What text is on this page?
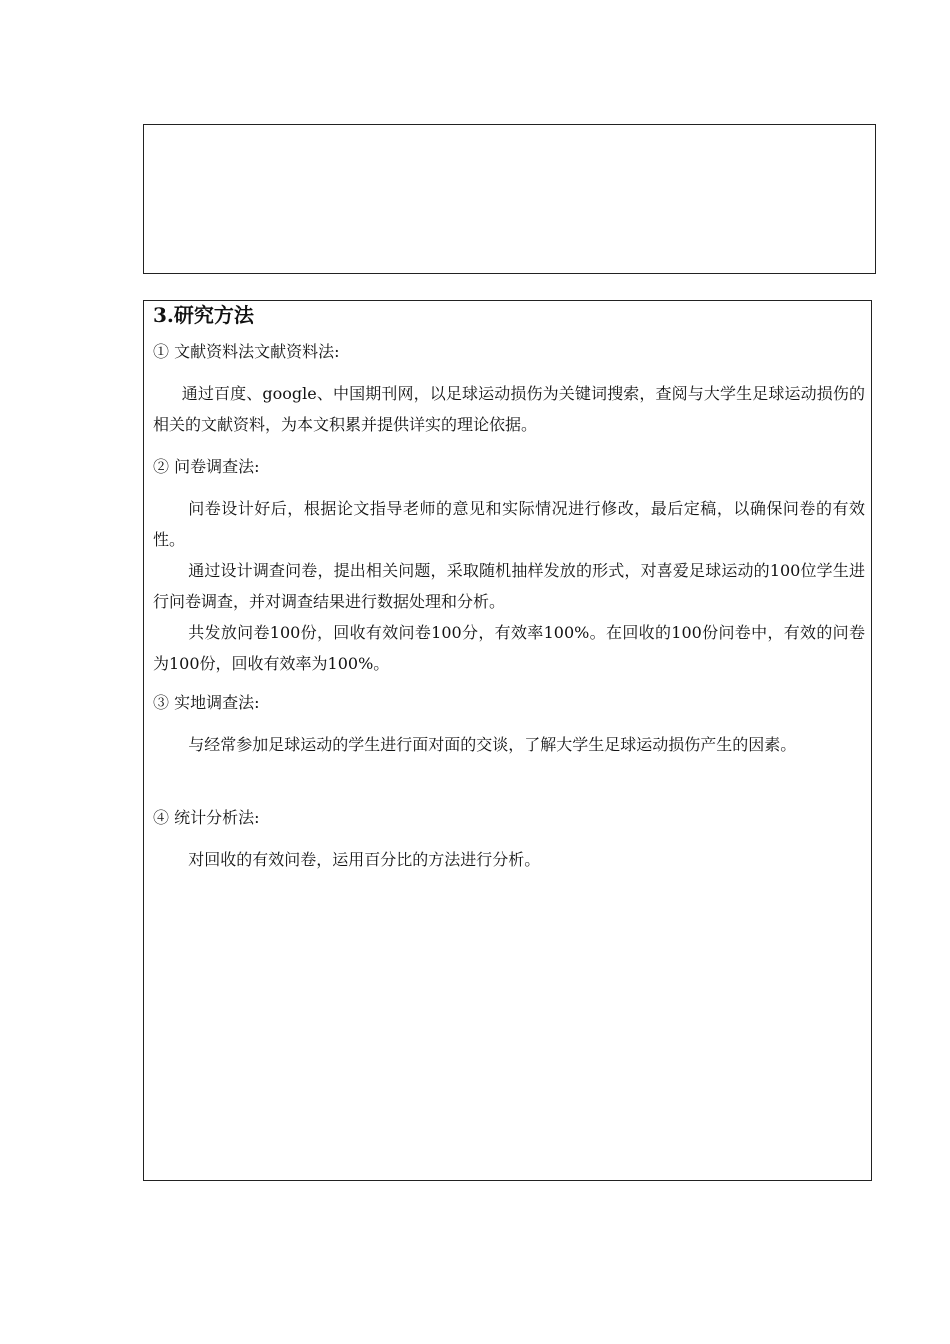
3.研究方法

① 文献资料法文献资料法:

通过百度、google、中国期刊网，以足球运动损伤为关键词搜索，查阅与大学生足球运动损伤的相关的文献资料，为本文积累并提供详实的理论依据。

② 问卷调查法:

问卷设计好后，根据论文指导老师的意见和实际情况进行修改，最后定稿，以确保问卷的有效性。

通过设计调查问卷，提出相关问题，采取随机抽样发放的形式，对喜爱足球运动的100位学生进行问卷调查，并对调查结果进行数据处理和分析。

共发放问卷100份，回收有效问卷100分，有效率100%。在回收的100份问卷中，有效的问卷为100份，回收有效率为100%。

③ 实地调查法:

与经常参加足球运动的学生进行面对面的交谈，了解大学生足球运动损伤产生的因素。

④ 统计分析法:

对回收的有效问卷，运用百分比的方法进行分析。
